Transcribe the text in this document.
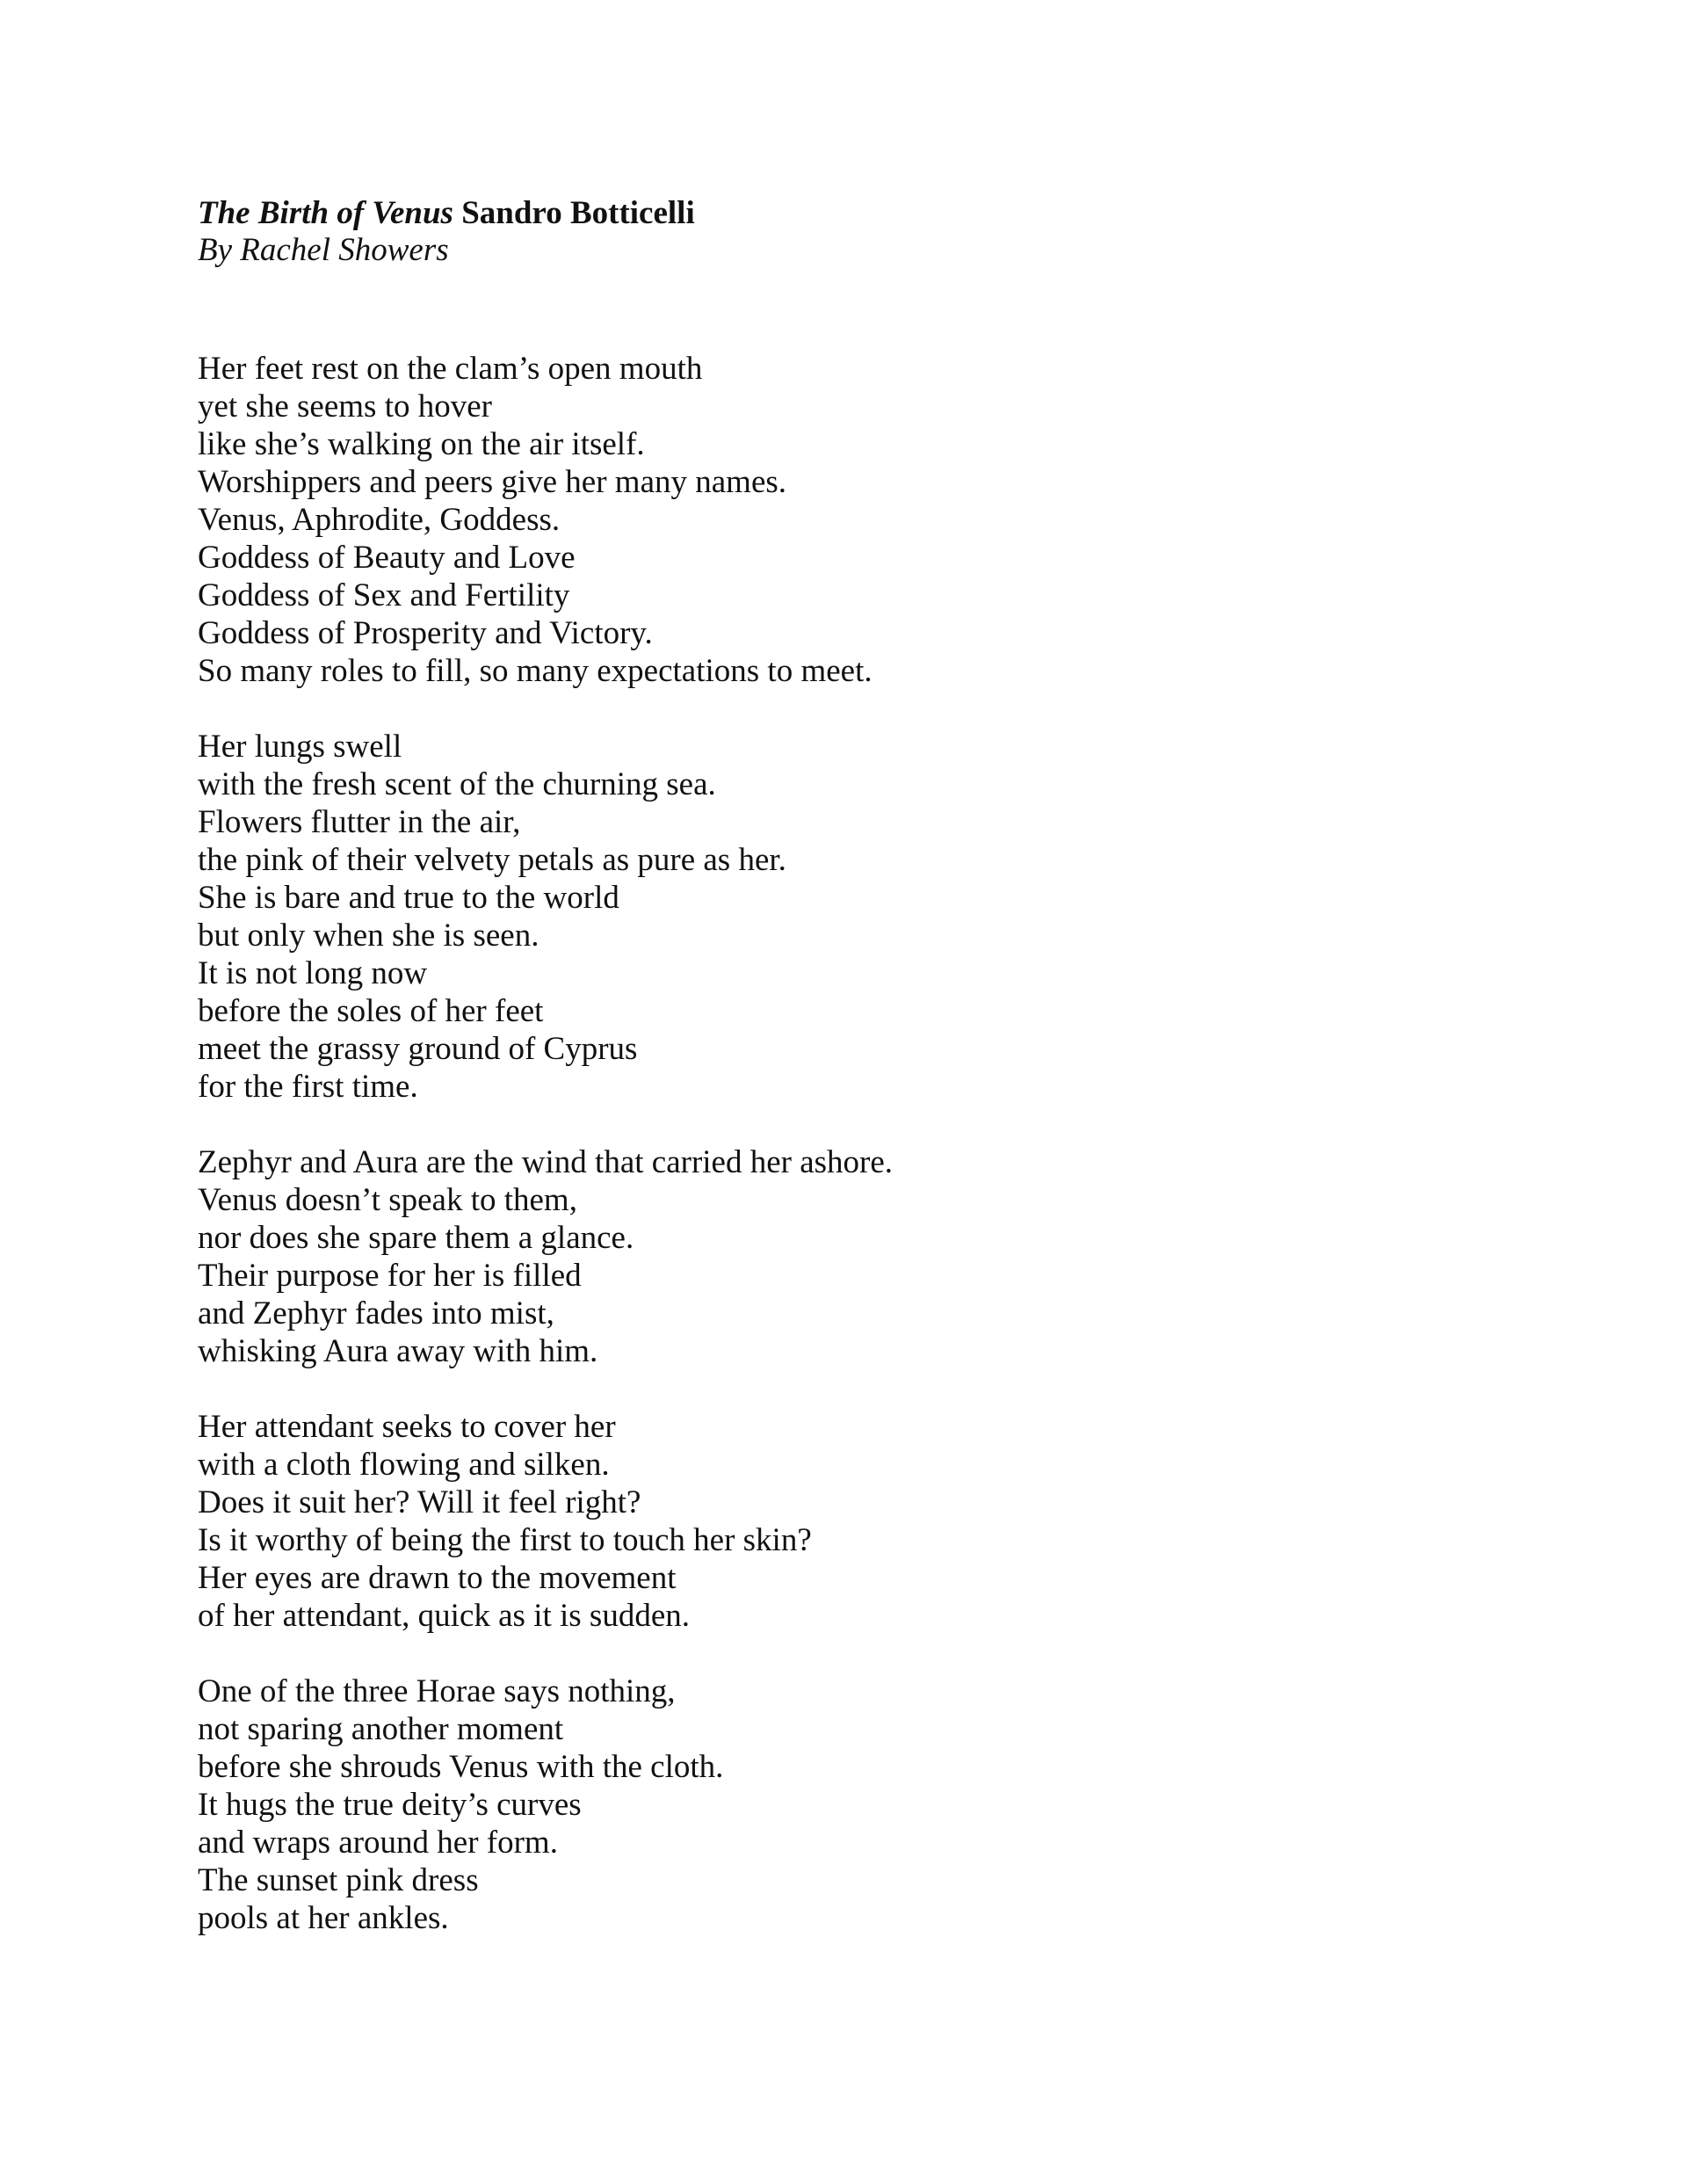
The Birth of Venus Sandro Botticelli

By Rachel Showers

Her feet rest on the clam’s open mouth
yet she seems to hover
like she’s walking on the air itself.
Worshippers and peers give her many names.
Venus, Aphrodite, Goddess.
Goddess of Beauty and Love
Goddess of Sex and Fertility
Goddess of Prosperity and Victory.
So many roles to fill, so many expectations to meet.
Her lungs swell
with the fresh scent of the churning sea.
Flowers flutter in the air,
the pink of their velvety petals as pure as her.
She is bare and true to the world
but only when she is seen.
It is not long now
before the soles of her feet
meet the grassy ground of Cyprus
for the first time.
Zephyr and Aura are the wind that carried her ashore.
Venus doesn’t speak to them,
nor does she spare them a glance.
Their purpose for her is filled
and Zephyr fades into mist,
whisking Aura away with him.
Her attendant seeks to cover her
with a cloth flowing and silken.
Does it suit her? Will it feel right?
Is it worthy of being the first to touch her skin?
Her eyes are drawn to the movement
of her attendant, quick as it is sudden.
One of the three Horae says nothing,
not sparing another moment
before she shrouds Venus with the cloth.
It hugs the true deity’s curves
and wraps around her form.
The sunset pink dress
pools at her ankles.
